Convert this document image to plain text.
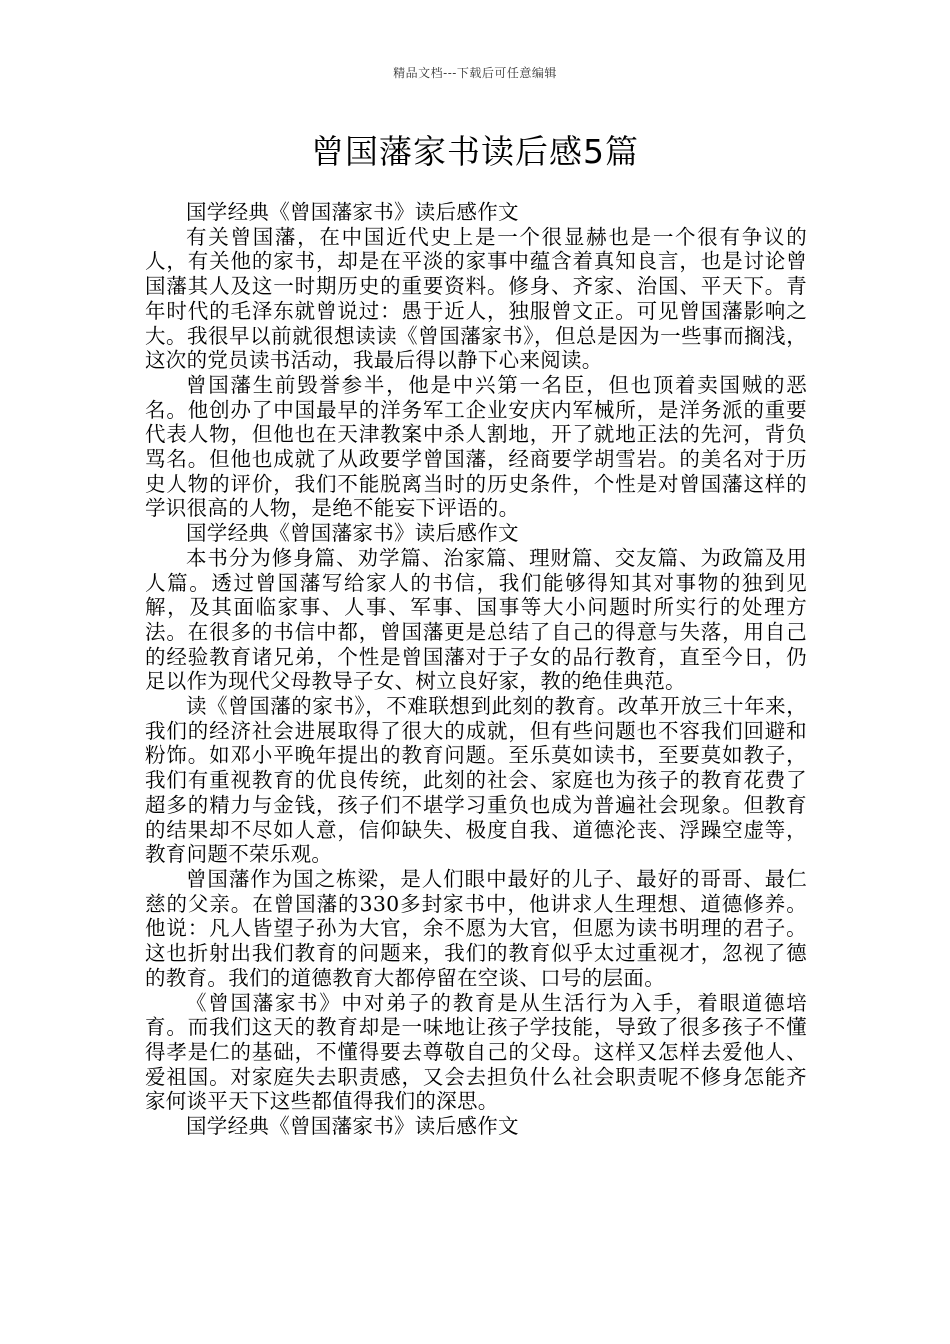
精品文档---下载后可任意编辑
曾国藩家书读后感5篇

国学经典《曾国藩家书》读后感作文

有关曾国藩，在中国近代史上是一个很显赫也是一个很有争议的人，有关他的家书，却是在平淡的家事中蕴含着真知良言，也是讨论曾国藩其人及这一时期历史的重要资料。修身、齐家、治国、平天下。青年时代的毛泽东就曾说过：愚于近人，独服曾文正。可见曾国藩影响之大。我很早以前就很想读读《曾国藩家书》，但总是因为一些事而搁浅，这次的党员读书活动，我最后得以静下心来阅读。

曾国藩生前毁誉参半，他是中兴第一名臣，但也顶着卖国贼的恶名。他创办了中国最早的洋务军工企业安庆内军械所，是洋务派的重要代表人物，但他也在天津教案中杀人割地，开了就地正法的先河，背负骂名。但他也成就了从政要学曾国藩，经商要学胡雪岩。的美名对于历史人物的评价，我们不能脱离当时的历史条件，个性是对曾国藩这样的学识很高的人物，是绝不能妄下评语的。

国学经典《曾国藩家书》读后感作文

本书分为修身篇、劝学篇、治家篇、理财篇、交友篇、为政篇及用人篇。透过曾国藩写给家人的书信，我们能够得知其对事物的独到见解，及其面临家事、人事、军事、国事等大小问题时所实行的处理方法。在很多的书信中都，曾国藩更是总结了自己的得意与失落，用自己的经验教育诸兄弟，个性是曾国藩对于子女的品行教育，直至今日，仍足以作为现代父母教导子女、树立良好家，教的绝佳典范。

读《曾国藩的家书》，不难联想到此刻的教育。改革开放三十年来，我们的经济社会进展取得了很大的成就，但有些问题也不容我们回避和粉饰。如邓小平晚年提出的教育问题。至乐莫如读书，至要莫如教子，我们有重视教育的优良传统，此刻的社会、家庭也为孩子的教育花费了超多的精力与金钱，孩子们不堪学习重负也成为普遍社会现象。但教育的结果却不尽如人意，信仰缺失、极度自我、道德沦丧、浮躁空虚等，教育问题不荣乐观。

曾国藩作为国之栋梁，是人们眼中最好的儿子、最好的哥哥、最仁慈的父亲。在曾国藩的330多封家书中，他讲求人生理想、道德修养。他说：凡人皆望子孙为大官，余不愿为大官，但愿为读书明理的君子。这也折射出我们教育的问题来，我们的教育似乎太过重视才，忽视了德的教育。我们的道德教育大都停留在空谈、口号的层面。

《曾国藩家书》中对弟子的教育是从生活行为入手，着眼道德培育。而我们这天的教育却是一味地让孩子学技能，导致了很多孩子不懂得孝是仁的基础，不懂得要去尊敬自己的父母。这样又怎样去爱他人、爱祖国。对家庭失去职责感，又会去担负什么社会职责呢不修身怎能齐家何谈平天下这些都值得我们的深思。

国学经典《曾国藩家书》读后感作文
